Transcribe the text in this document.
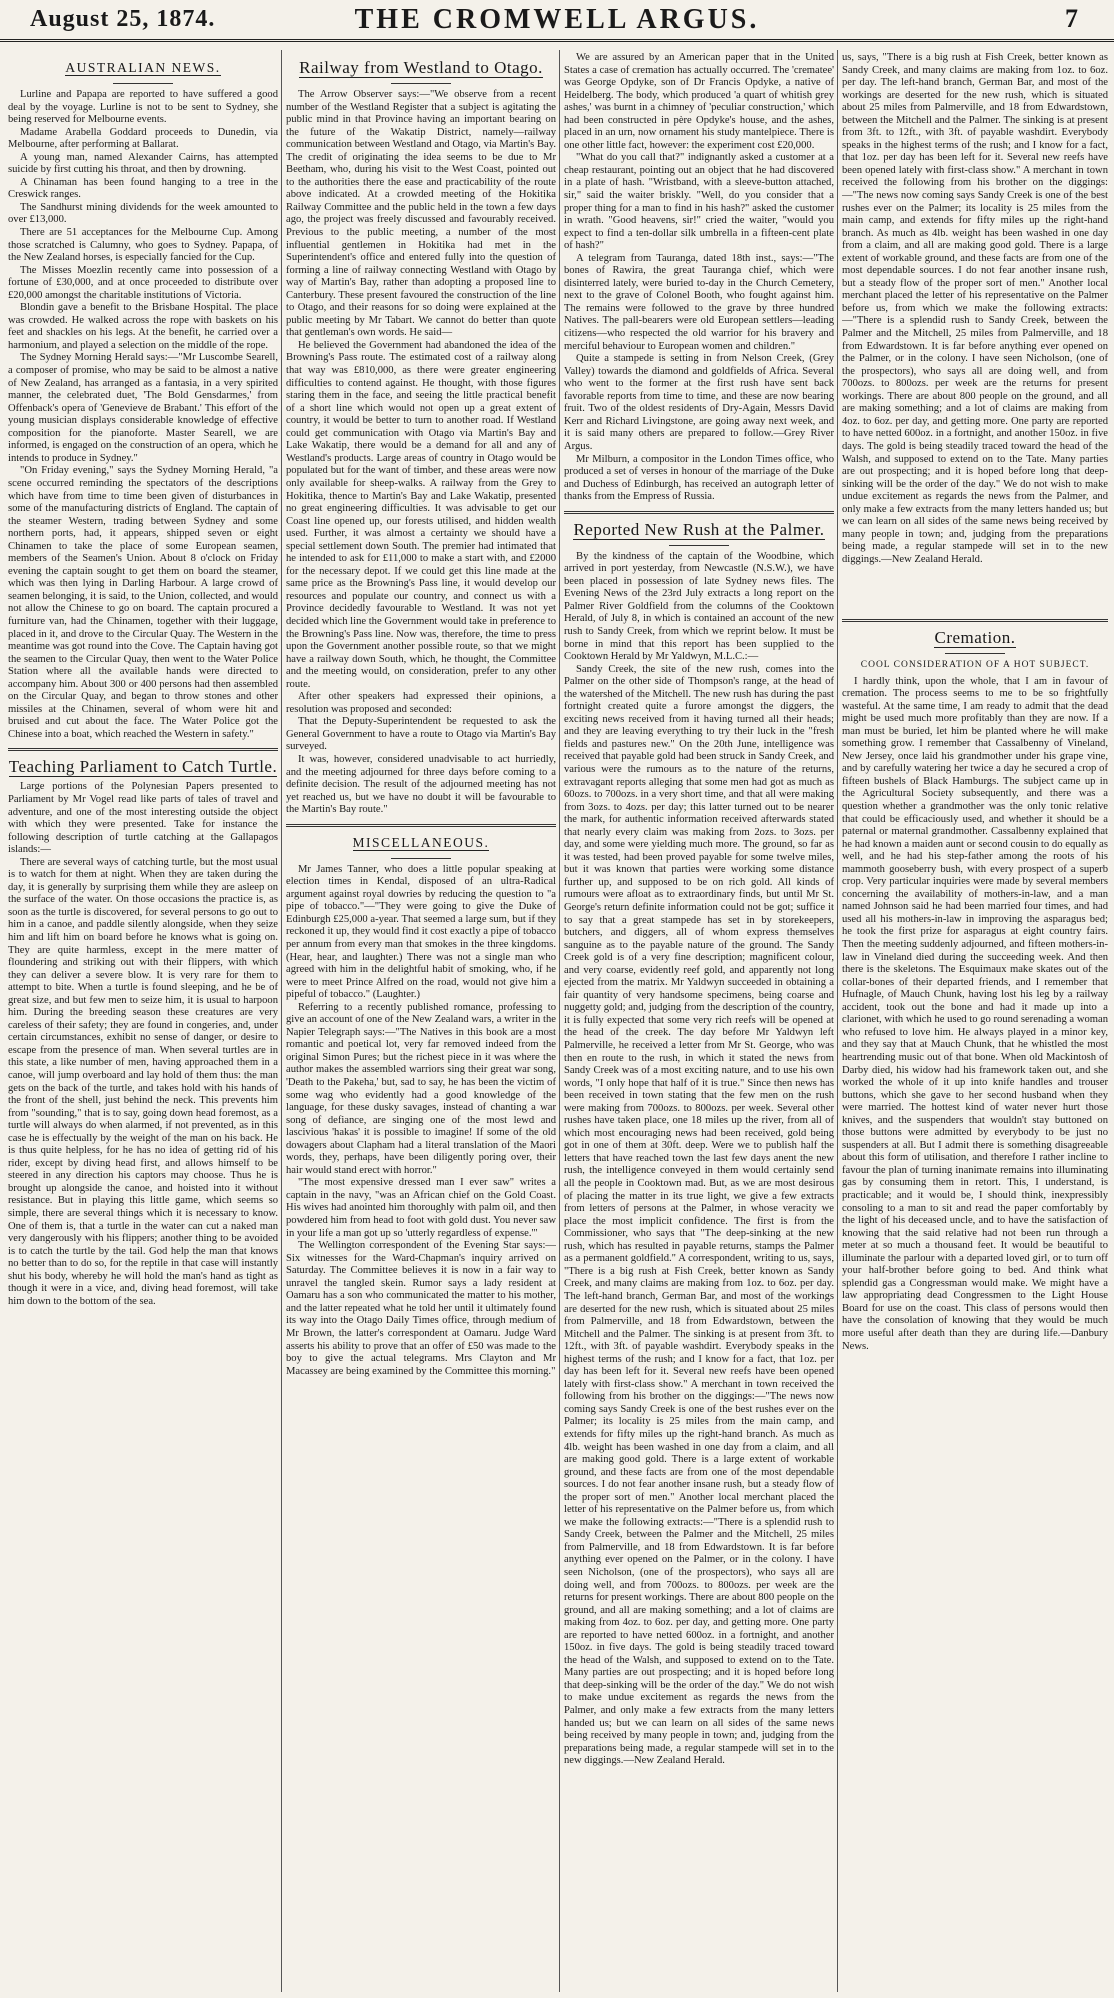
August 25, 1874.	THE CROMWELL ARGUS.	7
AUSTRALIAN NEWS.

Lurline and Papapa are reported to have suffered a good deal by the voyage. Lurline is not to be sent to Sydney, she being reserved for Melbourne events.

Madame Arabella Goddard proceeds to Dunedin, via Melbourne, after performing at Ballarat.

A young man, named Alexander Cairns, has attempted suicide by first cutting his throat, and then by drowning.

A Chinaman has been found hanging to a tree in the Creswick ranges.

The Sandhurst mining dividends for the week amounted to over £13,000.

There are 51 acceptances for the Melbourne Cup. Among those scratched is Calumny, who goes to Sydney. Papapa, of the New Zealand horses, is especially fancied for the Cup.

The Misses Moezlin recently came into possession of a fortune of £30,000, and at once proceeded to distribute over £20,000 amongst the charitable institutions of Victoria.

Blondin gave a benefit to the Brisbane Hospital. The place was crowded. He walked across the rope with baskets on his feet and shackles on his legs. At the benefit, he carried over a harmonium, and played a selection on the middle of the rope.

The Sydney Morning Herald says:—"Mr Luscombe Searell, a composer of promise, who may be said to be almost a native of New Zealand, has arranged as a fantasia, in a very spirited manner, the celebrated duet, 'The Bold Gensdarmes,' from Offenback's opera of 'Genevieve de Brabant.' This effort of the young musician displays considerable knowledge of effective composition for the pianoforte. Master Searell, we are informed, is engaged on the construction of an opera, which he intends to produce in Sydney."

"On Friday evening," says the Sydney Morning Herald, "a scene occurred reminding the spectators of the descriptions which have from time to time been given of disturbances in some of the manufacturing districts of England. The captain of the steamer Western, trading between Sydney and some northern ports, had, it appears, shipped seven or eight Chinamen to take the place of some European seamen, members of the Seamen's Union. About 8 o'clock on Friday evening the captain sought to get them on board the steamer, which was then lying in Darling Harbour. A large crowd of seamen belonging, it is said, to the Union, collected, and would not allow the Chinese to go on board. The captain procured a furniture van, had the Chinamen, together with their luggage, placed in it, and drove to the Circular Quay. The Western in the meantime was got round into the Cove. The Captain having got the seamen to the Circular Quay, then went to the Water Police Station where all the available hands were directed to accompany him. About 300 or 400 persons had then assembled on the Circular Quay, and began to throw stones and other missiles at the Chinamen, several of whom were hit and bruised and cut about the face. The Water Police got the Chinese into a boat, which reached the Western in safety."

Teaching Parliament to Catch Turtle.

Large portions of the Polynesian Papers presented to Parliament by Mr Vogel read like parts of tales of travel and adventure, and one of the most interesting outside the object with which they were presented. Take for instance the following description of turtle catching at the Gallapagos islands:—

There are several ways of catching turtle, but the most usual is to watch for them at night. When they are taken during the day, it is generally by surprising them while they are asleep on the surface of the water. On those occasions the practice is, as soon as the turtle is discovered, for several persons to go out to him in a canoe, and paddle silently alongside, when they seize him and lift him on board before he knows what is going on. They are quite harmless, except in the mere matter of floundering and striking out with their flippers, with which they can deliver a severe blow. It is very rare for them to attempt to bite. When a turtle is found sleeping, and he be of great size, and but few men to seize him, it is usual to harpoon him. During the breeding season these creatures are very careless of their safety; they are found in congeries, and, under certain circumstances, exhibit no sense of danger, or desire to escape from the presence of man. When several turtles are in this state, a like number of men, having approached them in a canoe, will jump overboard and lay hold of them thus: the man gets on the back of the turtle, and takes hold with his hands of the front of the shell, just behind the neck. This prevents him from "sounding," that is to say, going down head foremost, as a turtle will always do when alarmed, if not prevented, as in this case he is effectually by the weight of the man on his back. He is thus quite helpless, for he has no idea of getting rid of his rider, except by diving head first, and allows himself to be steered in any direction his captors may choose. Thus he is brought up alongside the canoe, and hoisted into it without resistance. But in playing this little game, which seems so simple, there are several things which it is necessary to know. One of them is, that a turtle in the water can cut a naked man very dangerously with his flippers; another thing to be avoided is to catch the turtle by the tail. God help the man that knows no better than to do so, for the reptile in that case will instantly shut his body, whereby he will hold the man's hand as tight as though it were in a vice, and, diving head foremost, will take him down to the bottom of the sea.

Railway from Westland to Otago.

The Arrow Observer says:—"We observe from a recent number of the Westland Register that a subject is agitating the public mind in that Province having an important bearing on the future of the Wakatip District, namely—railway communication between Westland and Otago, via Martin's Bay. The credit of originating the idea seems to be due to Mr Beetham, who, during his visit to the West Coast, pointed out to the authorities there the ease and practicability of the route above indicated. At a crowded meeting of the Hokitika Railway Committee and the public held in the town a few days ago, the project was freely discussed and favourably received. Previous to the public meeting, a number of the most influential gentlemen in Hokitika had met in the Superintendent's office and entered fully into the question of forming a line of railway connecting Westland with Otago by way of Martin's Bay, rather than adopting a proposed line to Canterbury. These present favoured the construction of the line to Otago, and their reasons for so doing were explained at the public meeting by Mr Tabart. We cannot do better than quote that gentleman's own words. He said—

He believed the Government had abandoned the idea of the Browning's Pass route. The estimated cost of a railway along that way was £810,000, as there were greater engineering difficulties to contend against. He thought, with those figures staring them in the face, and seeing the little practical benefit of a short line which would not open up a great extent of country, it would be better to turn to another road. If Westland could get communication with Otago via Martin's Bay and Lake Wakatip, there would be a demand for all and any of Westland's products. Large areas of country in Otago would be populated but for the want of timber, and these areas were now only available for sheep-walks. A railway from the Grey to Hokitika, thence to Martin's Bay and Lake Wakatip, presented no great engineering difficulties. It was advisable to get our Coast line opened up, our forests utilised, and hidden wealth used. Further, it was almost a certainty we should have a special settlement down South. The premier had intimated that he intended to ask for £11,000 to make a start with, and £2000 for the necessary depot. If we could get this line made at the same price as the Browning's Pass line, it would develop our resources and populate our country, and connect us with a Province decidedly favourable to Westland. It was not yet decided which line the Government would take in preference to the Browning's Pass line. Now was, therefore, the time to press upon the Government another possible route, so that we might have a railway down South, which, he thought, the Committee and the meeting would, on consideration, prefer to any other route.

After other speakers had expressed their opinions, a resolution was proposed and seconded:

That the Deputy-Superintendent be requested to ask the General Government to have a route to Otago via Martin's Bay surveyed.

It was, however, considered unadvisable to act hurriedly, and the meeting adjourned for three days before coming to a definite decision. The result of the adjourned meeting has not yet reached us, but we have no doubt it will be favourable to the Martin's Bay route."

MISCELLANEOUS.

Mr James Tanner, who does a little popular speaking at election times in Kendal, disposed of an ultra-Radical argument against royal dowries by reducing the question to "a pipe of tobacco."—"They were going to give the Duke of Edinburgh £25,000 a-year. That seemed a large sum, but if they reckoned it up, they would find it cost exactly a pipe of tobacco per annum from every man that smokes in the three kingdoms. (Hear, hear, and laughter.) There was not a single man who agreed with him in the delightful habit of smoking, who, if he were to meet Prince Alfred on the road, would not give him a pipeful of tobacco." (Laughter.)

Referring to a recently published romance, professing to give an account of one of the New Zealand wars, a writer in the Napier Telegraph says:—"The Natives in this book are a most romantic and poetical lot, very far removed indeed from the original Simon Pures; but the richest piece in it was where the author makes the assembled warriors sing their great war song, 'Death to the Pakeha,' but, sad to say, he has been the victim of some wag who evidently had a good knowledge of the language, for these dusky savages, instead of chanting a war song of defiance, are singing one of the most lewd and lascivious 'hakas' it is possible to imagine! If some of the old dowagers about Clapham had a literal translation of the Maori words, they, perhaps, have been diligently poring over, their hair would stand erect with horror."

"The most expensive dressed man I ever saw" writes a captain in the navy, "was an African chief on the Gold Coast. His wives had anointed him thoroughly with palm oil, and then powdered him from head to foot with gold dust. You never saw in your life a man got up so 'utterly regardless of expense.'"

The Wellington correspondent of the Evening Star says:—Six witnesses for the Ward-Chapman's inquiry arrived on Saturday. The Committee believes it is now in a fair way to unravel the tangled skein. Rumor says a lady resident at Oamaru has a son who communicated the matter to his mother, and the latter repeated what he told her until it ultimately found its way into the Otago Daily Times office, through medium of Mr Brown, the latter's correspondent at Oamaru. Judge Ward asserts his ability to prove that an offer of £50 was made to the boy to give the actual telegrams. Mrs Clayton and Mr Macassey are being examined by the Committee this morning."

We are assured by an American paper that in the United States a case of cremation has actually occurred. The 'crematee' was George Opdyke, son of Dr Francis Opdyke, a native of Heidelberg. The body, which produced 'a quart of whitish grey ashes,' was burnt in a chimney of 'peculiar construction,' which had been constructed in père Opdyke's house, and the ashes, placed in an urn, now ornament his study mantelpiece. There is one other little fact, however: the experiment cost £20,000.

"What do you call that?" indignantly asked a customer at a cheap restaurant, pointing out an object that he had discovered in a plate of hash. "Wristband, with a sleeve-button attached, sir," said the waiter briskly. "Well, do you consider that a proper thing for a man to find in his hash?" asked the customer in wrath. "Good heavens, sir!" cried the waiter, "would you expect to find a ten-dollar silk umbrella in a fifteen-cent plate of hash?"

A telegram from Tauranga, dated 18th inst., says:—"The bones of Rawira, the great Tauranga chief, which were disinterred lately, were buried to-day in the Church Cemetery, next to the grave of Colonel Booth, who fought against him. The remains were followed to the grave by three hundred Natives. The pall-bearers were old European settlers—leading citizens—who respected the old warrior for his bravery and merciful behaviour to European women and children."

Quite a stampede is setting in from Nelson Creek, (Grey Valley) towards the diamond and goldfields of Africa. Several who went to the former at the first rush have sent back favorable reports from time to time, and these are now bearing fruit. Two of the oldest residents of Dry-Again, Messrs David Kerr and Richard Livingstone, are going away next week, and it is said many others are prepared to follow.—Grey River Argus.

Mr Milburn, a compositor in the London Times office, who produced a set of verses in honour of the marriage of the Duke and Duchess of Edinburgh, has received an autograph letter of thanks from the Empress of Russia.

Reported New Rush at the Palmer.

By the kindness of the captain of the Woodbine, which arrived in port yesterday, from Newcastle (N.S.W.), we have been placed in possession of late Sydney news files. The Evening News of the 23rd July extracts a long report on the Palmer River Goldfield from the columns of the Cooktown Herald, of July 8, in which is contained an account of the new rush to Sandy Creek, from which we reprint below. It must be borne in mind that this report has been supplied to the Cooktown Herald by Mr Yaldwyn, M.L.C.:—

Sandy Creek, the site of the new rush, comes into the Palmer on the other side of Thompson's range, at the head of the watershed of the Mitchell. The new rush has during the past fortnight created quite a furore amongst the diggers, the exciting news received from it having turned all their heads; and they are leaving everything to try their luck in the "fresh fields and pastures new." On the 20th June, intelligence was received that payable gold had been struck in Sandy Creek, and various were the rumours as to the nature of the returns, extravagant reports alleging that some men had got as much as 60ozs. to 700ozs. in a very short time, and that all were making from 3ozs. to 4ozs. per day; this latter turned out to be nearer the mark, for authentic information received afterwards stated that nearly every claim was making from 2ozs. to 3ozs. per day, and some were yielding much more. The ground, so far as it was tested, had been proved payable for some twelve miles, but it was known that parties were working some distance further up, and supposed to be on rich gold. All kinds of rumours were afloat as to extraordinary finds, but until Mr St. George's return definite information could not be got; suffice it to say that a great stampede has set in by storekeepers, butchers, and diggers, all of whom express themselves sanguine as to the payable nature of the ground. The Sandy Creek gold is of a very fine description; magnificent colour, and very coarse, evidently reef gold, and apparently not long ejected from the matrix. Mr Yaldwyn succeeded in obtaining a fair quantity of very handsome specimens, being coarse and nuggetty gold; and, judging from the description of the country, it is fully expected that some very rich reefs will be opened at the head of the creek. The day before Mr Yaldwyn left Palmerville, he received a letter from Mr St. George, who was then en route to the rush, in which it stated the news from Sandy Creek was of a most exciting nature, and to use his own words, "I only hope that half of it is true." Since then news has been received in town stating that the few men on the rush were making from 700ozs. to 800ozs. per week. Several other rushes have taken place, one 18 miles up the river, from all of which most encouraging news had been received, gold being got in one of them at 30ft. deep. Were we to publish half the letters that have reached town the last few days anent the new rush, the intelligence conveyed in them would certainly send all the people in Cooktown mad. But, as we are most desirous of placing the matter in its true light, we give a few extracts from letters of persons at the Palmer, in whose veracity we place the most implicit confidence. The first is from the Commissioner, who says that "The deep-sinking at the new rush, which has resulted in payable returns, stamps the Palmer as a permanent goldfield." A correspondent, writing to us, says, "There is a big rush at Fish Creek, better known as Sandy Creek, and many claims are making from 1oz. to 6oz. per day. The left-hand branch, German Bar, and most of the workings are deserted for the new rush, which is situated about 25 miles from Palmerville, and 18 from Edwardstown, between the Mitchell and the Palmer. The sinking is at present from 3ft. to 12ft., with 3ft. of payable washdirt. Everybody speaks in the highest terms of the rush; and I know for a fact, that 1oz. per day has been left for it. Several new reefs have been opened lately with first-class show." A merchant in town received the following from his brother on the diggings:—"The news now coming says Sandy Creek is one of the best rushes ever on the Palmer; its locality is 25 miles from the main camp, and extends for fifty miles up the right-hand branch. As much as 4lb. weight has been washed in one day from a claim, and all are making good gold. There is a large extent of workable ground, and these facts are from one of the most dependable sources. I do not fear another insane rush, but a steady flow of the proper sort of men." Another local merchant placed the letter of his representative on the Palmer before us, from which we make the following extracts:—"There is a splendid rush to Sandy Creek, between the Palmer and the Mitchell, 25 miles from Palmerville, and 18 from Edwardstown. It is far before anything ever opened on the Palmer, or in the colony. I have seen Nicholson, (one of the prospectors), who says all are doing well, and from 700ozs. to 800ozs. per week are the returns for present workings. There are about 800 people on the ground, and all are making something; and a lot of claims are making from 4oz. to 6oz. per day, and getting more. One party are reported to have netted 600oz. in a fortnight, and another 150oz. in five days. The gold is being steadily traced toward the head of the Walsh, and supposed to extend on to the Tate. Many parties are out prospecting; and it is hoped before long that deep-sinking will be the order of the day." We do not wish to make undue excitement as regards the news from the Palmer, and only make a few extracts from the many letters handed us; but we can learn on all sides of the same news being received by many people in town; and, judging from the preparations being made, a regular stampede will set in to the new diggings.—New Zealand Herald.

us, says, "There is a big rush at Fish Creek, better known as Sandy Creek, and many claims are making from 1oz. to 6oz. per day. The left-hand branch, German Bar, and most of the workings are deserted for the new rush, which is situated about 25 miles from Palmerville, and 18 from Edwardstown, between the Mitchell and the Palmer. The sinking is at present from 3ft. to 12ft., with 3ft. of payable washdirt. Everybody speaks in the highest terms of the rush; and I know for a fact, that 1oz. per day has been left for it. Several new reefs have been opened lately with first-class show." A merchant in town received the following from his brother on the diggings:—"The news now coming says Sandy Creek is one of the best rushes ever on the Palmer; its locality is 25 miles from the main camp, and extends for fifty miles up the right-hand branch. As much as 4lb. weight has been washed in one day from a claim, and all are making good gold. There is a large extent of workable ground, and these facts are from one of the most dependable sources. I do not fear another insane rush, but a steady flow of the proper sort of men." Another local merchant placed the letter of his representative on the Palmer before us, from which we make the following extracts:—"There is a splendid rush to Sandy Creek, between the Palmer and the Mitchell, 25 miles from Palmerville, and 18 from Edwardstown. It is far before anything ever opened on the Palmer, or in the colony. I have seen Nicholson, (one of the prospectors), who says all are doing well, and from 700ozs. to 800ozs. per week are the returns for present workings. There are about 800 people on the ground, and all are making something; and a lot of claims are making from 4oz. to 6oz. per day, and getting more. One party are reported to have netted 600oz. in a fortnight, and another 150oz. in five days. The gold is being steadily traced toward the head of the Walsh, and supposed to extend on to the Tate. Many parties are out prospecting; and it is hoped before long that deep-sinking will be the order of the day." We do not wish to make undue excitement as regards the news from the Palmer, and only make a few extracts from the many letters handed us; but we can learn on all sides of the same news being received by many people in town; and, judging from the preparations being made, a regular stampede will set in to the new diggings.—New Zealand Herald.

Cremation.

COOL CONSIDERATION OF A HOT SUBJECT.

I hardly think, upon the whole, that I am in favour of cremation. The process seems to me to be so frightfully wasteful. At the same time, I am ready to admit that the dead might be used much more profitably than they are now. If a man must be buried, let him be planted where he will make something grow. I remember that Cassalbenny of Vineland, New Jersey, once laid his grandmother under his grape vine, and by carefully watering her twice a day he secured a crop of fifteen bushels of Black Hamburgs. The subject came up in the Agricultural Society subsequently, and there was a question whether a grandmother was the only tonic relative that could be efficaciously used, and whether it should be a paternal or maternal grandmother. Cassalbenny explained that he had known a maiden aunt or second cousin to do equally as well, and he had his step-father among the roots of his mammoth gooseberry bush, with every prospect of a superb crop. Very particular inquiries were made by several members concerning the availability of mothers-in-law, and a man named Johnson said he had been married four times, and had used all his mothers-in-law in improving the asparagus bed; he took the first prize for asparagus at eight country fairs. Then the meeting suddenly adjourned, and fifteen mothers-in-law in Vineland died during the succeeding week. And then there is the skeletons. The Esquimaux make skates out of the collar-bones of their departed friends, and I remember that Hufnagle, of Mauch Chunk, having lost his leg by a railway accident, took out the bone and had it made up into a clarionet, with which he used to go round serenading a woman who refused to love him. He always played in a minor key, and they say that at Mauch Chunk, that he whistled the most heartrending music out of that bone. When old Mackintosh of Darby died, his widow had his framework taken out, and she worked the whole of it up into knife handles and trouser buttons, which she gave to her second husband when they were married. The hottest kind of water never hurt those knives, and the suspenders that wouldn't stay buttoned on those buttons were admitted by everybody to be just no suspenders at all. But I admit there is something disagreeable about this form of utilisation, and therefore I rather incline to favour the plan of turning inanimate remains into illuminating gas by consuming them in retort. This, I understand, is practicable; and it would be, I should think, inexpressibly consoling to a man to sit and read the paper comfortably by the light of his deceased uncle, and to have the satisfaction of knowing that the said relative had not been run through a meter at so much a thousand feet. It would be beautiful to illuminate the parlour with a departed loved girl, or to turn off your half-brother before going to bed. And think what splendid gas a Congressman would make. We might have a law appropriating dead Congressmen to the Light House Board for use on the coast. This class of persons would then have the consolation of knowing that they would be much more useful after death than they are during life.—Danbury News.
